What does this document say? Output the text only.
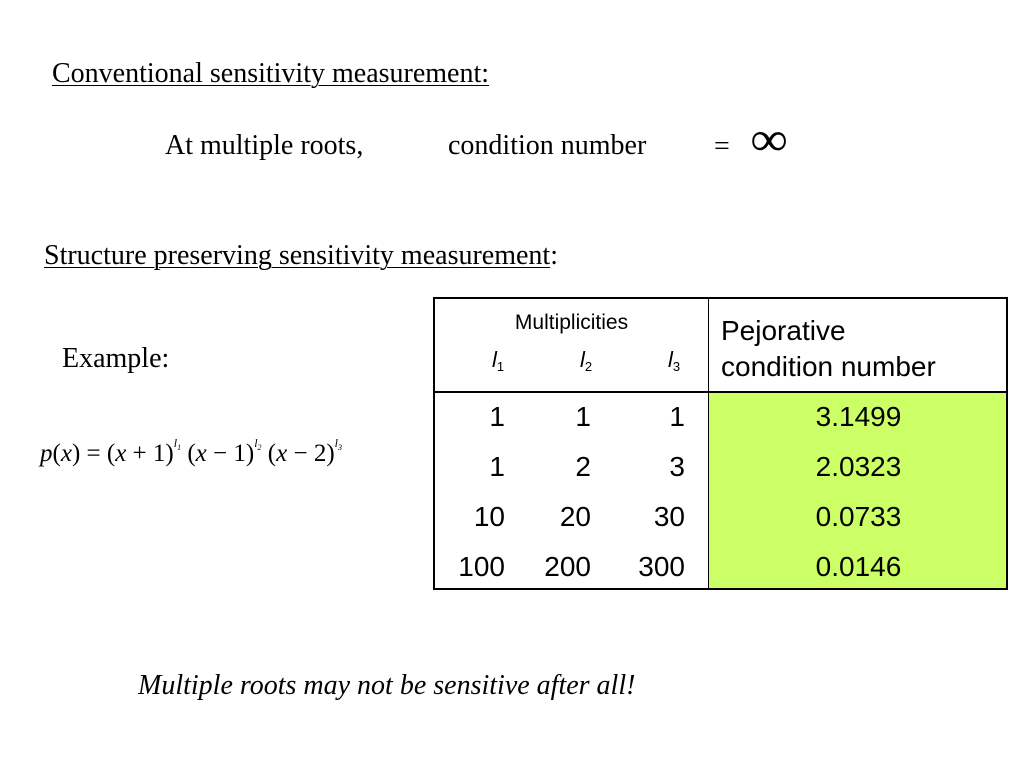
Conventional sensitivity measurement:
At multiple roots,	condition number = ∞
Structure preserving sensitivity measurement:
Example:
$p(x) = (x + 1)^{l_1}$ $(x - 1)^{l_2}$ $(x - 2)^{l_3}$
Multiplicities
$l_1$	$l_2$	$l_3$
Pejorative
condition number
1	1	1	3.1499
1	2	3	2.0323
10	20	30	0.0733
100	200	300	0.0146
Multiple roots may not be sensitive after all!
